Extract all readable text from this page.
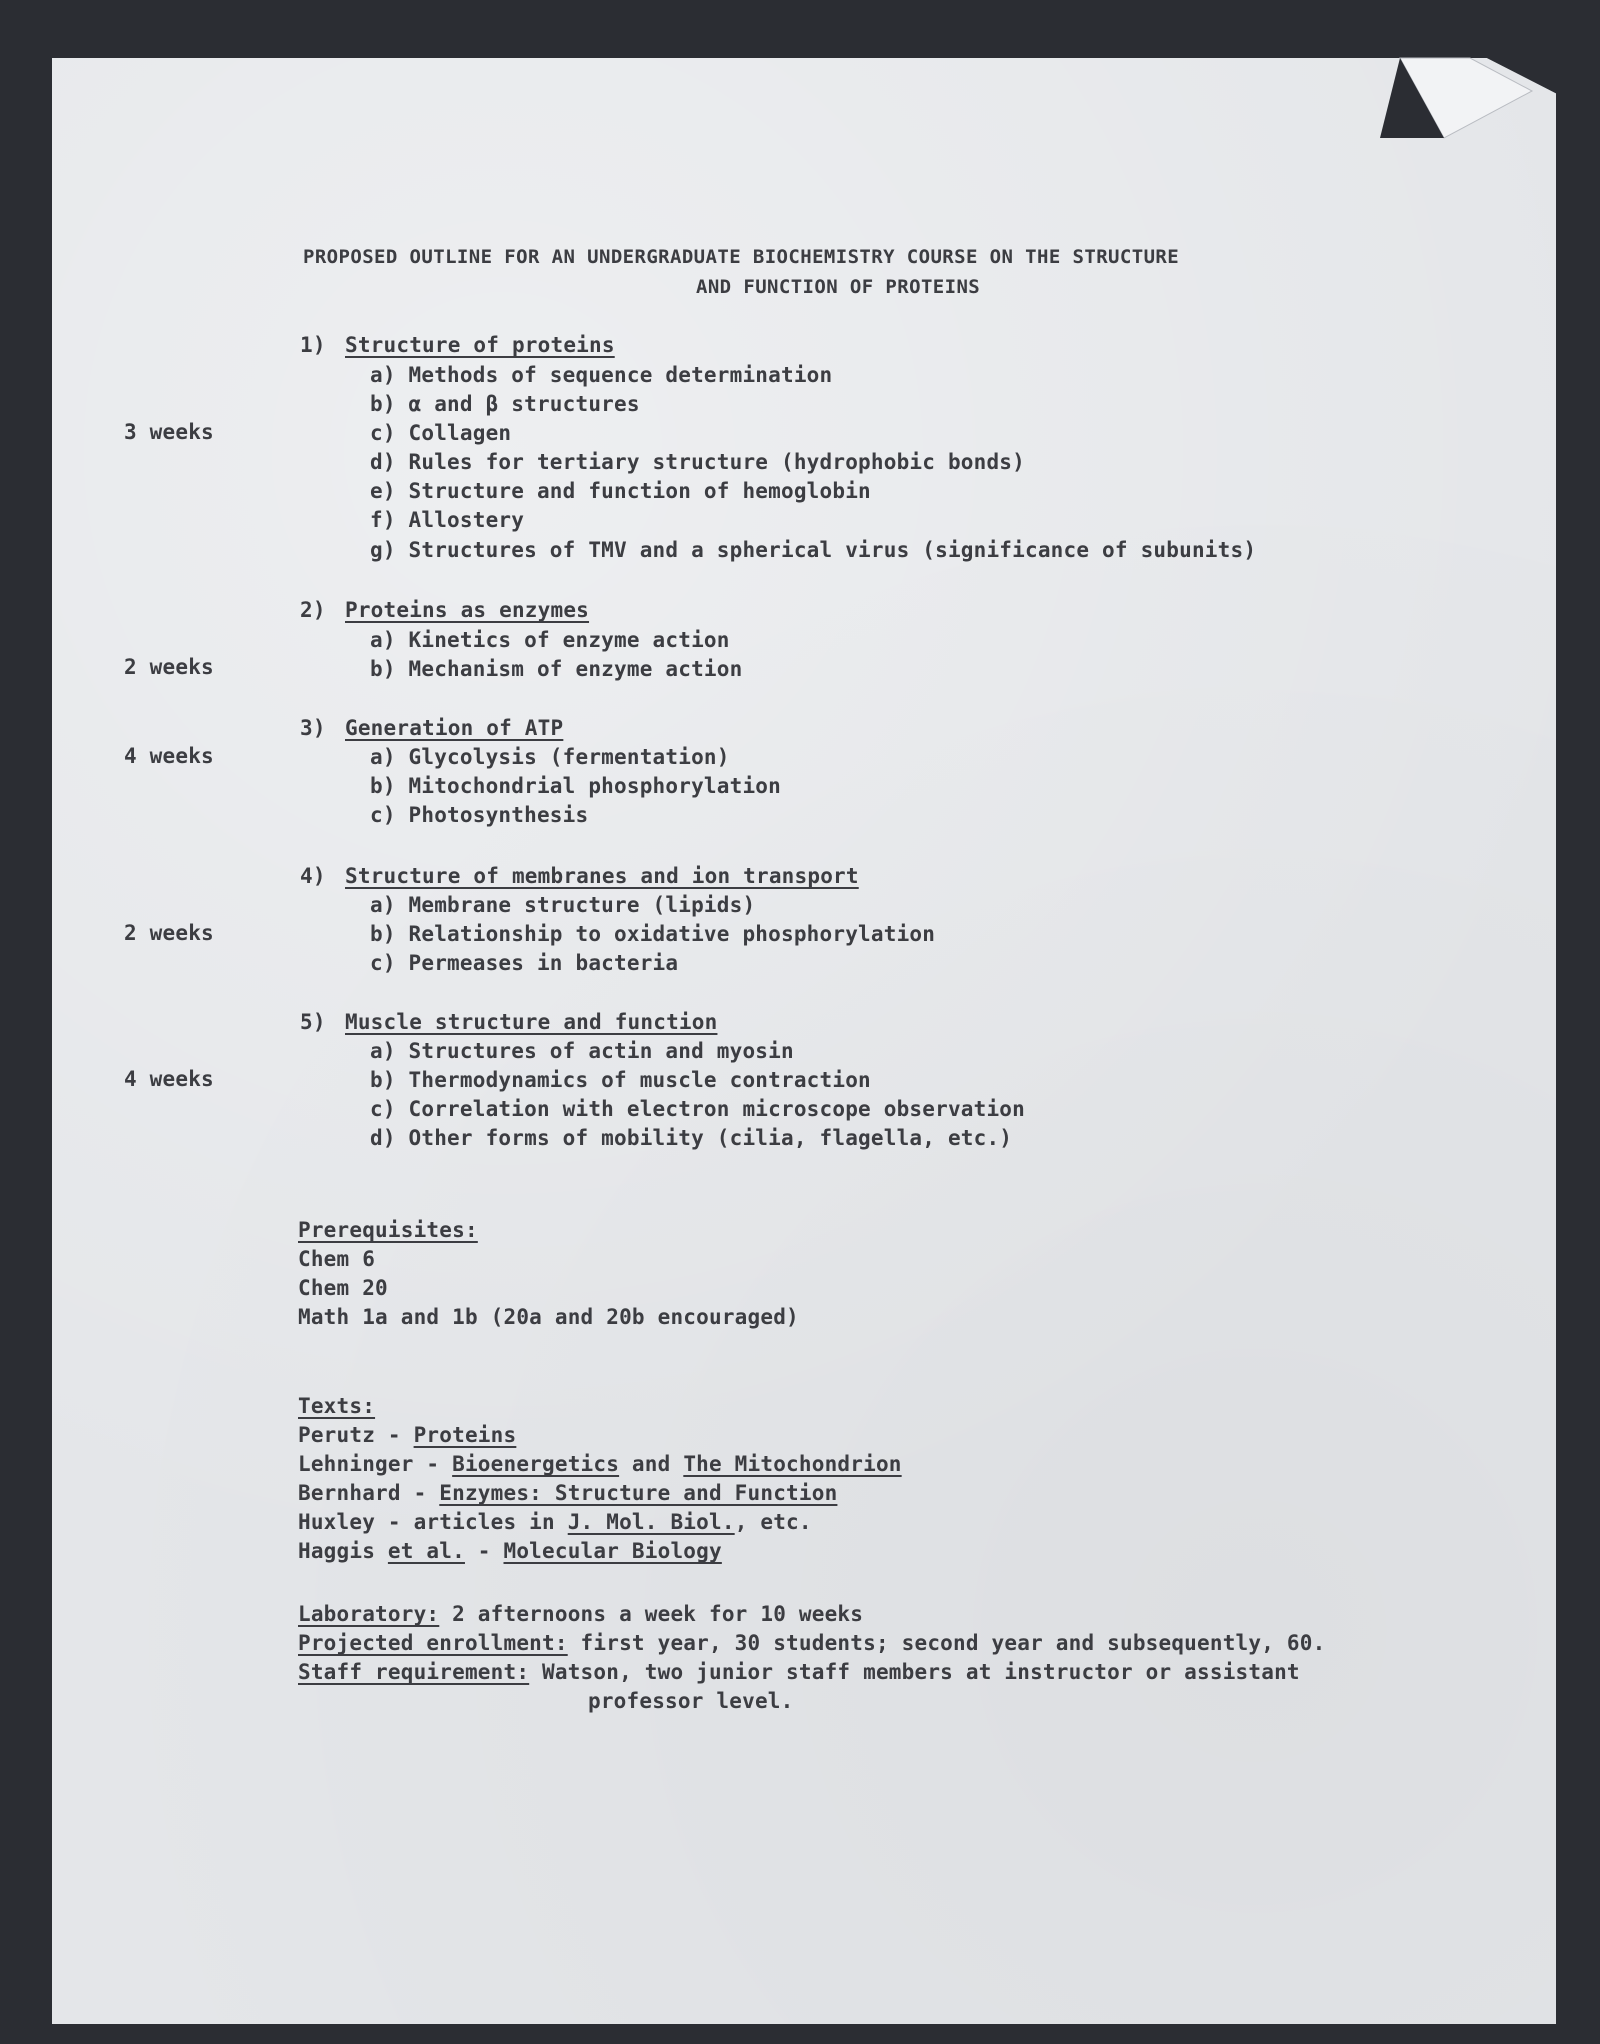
PROPOSED OUTLINE FOR AN UNDERGRADUATE BIOCHEMISTRY COURSE ON THE STRUCTURE
AND FUNCTION OF PROTEINS
1) Structure of proteins
3 weeks
a) Methods of sequence determination
b) α and β structures
c) Collagen
d) Rules for tertiary structure (hydrophobic bonds)
e) Structure and function of hemoglobin
f) Allostery
g) Structures of TMV and a spherical virus (significance of subunits)
2) Proteins as enzymes
2 weeks
a) Kinetics of enzyme action
b) Mechanism of enzyme action
3) Generation of ATP
4 weeks	a) Glycolysis (fermentation)
b) Mitochondrial phosphorylation
c) Photosynthesis
4) Structure of membranes and ion transport
2 weeks
a) Membrane structure (lipids)
b) Relationship to oxidative phosphorylation
c) Permeases in bacteria
5) Muscle structure and function
4 weeks
a) Structures of actin and myosin
b) Thermodynamics of muscle contraction
c) Correlation with electron microscope observation
d) Other forms of mobility (cilia, flagella, etc.)
Prerequisites:
Chem 6
Chem 20
Math 1a and 1b (20a and 20b encouraged)
Texts:
Perutz - Proteins
Lehninger - Bioenergetics and The Mitochondrion
Bernhard - Enzymes: Structure and Function
Huxley - articles in J. Mol. Biol., etc.
Haggis et al. - Molecular Biology
Laboratory: 2 afternoons a week for 10 weeks
Projected enrollment: first year, 30 students; second year and subsequently, 60.
Staff requirement: Watson, two junior staff members at instructor or assistant
professor level.
